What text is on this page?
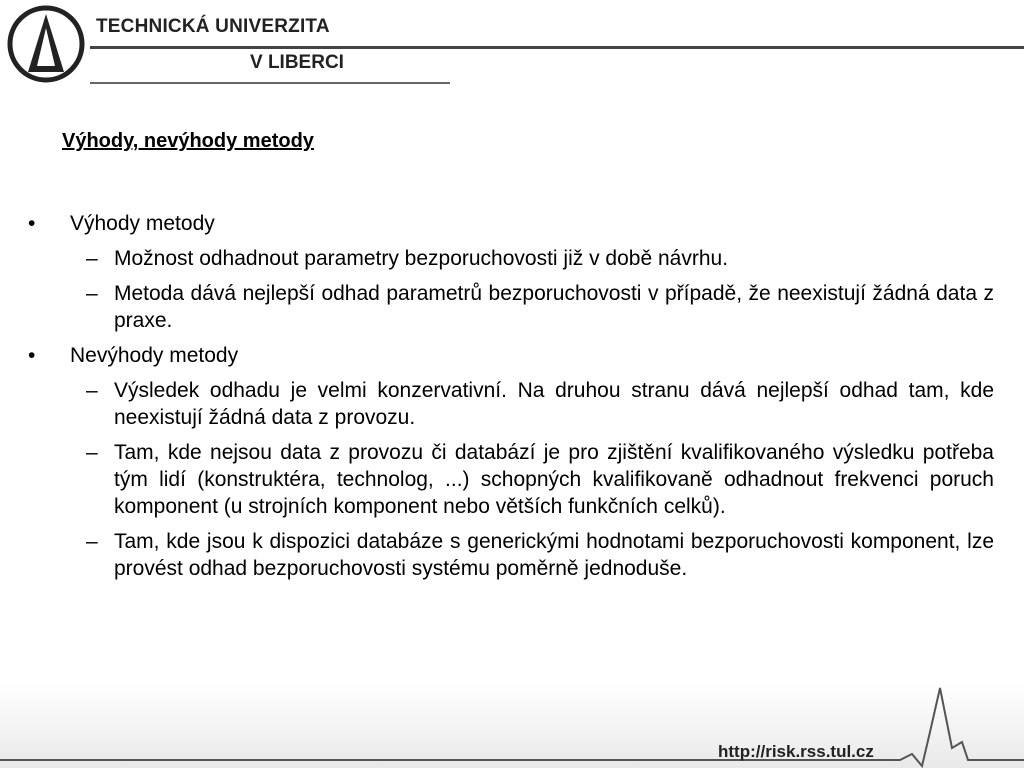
TECHNICKÁ UNIVERZITA
V LIBERCI
Výhody, nevýhody metody
• Výhody metody
– Možnost odhadnout parametry bezporuchovosti již v době návrhu.
– Metoda dává nejlepší odhad parametrů bezporuchovosti v případě, že neexistují žádná data z praxe.
• Nevýhody metody
– Výsledek odhadu je velmi konzervativní. Na druhou stranu dává nejlepší odhad tam, kde neexistují žádná data z provozu.
– Tam, kde nejsou data z provozu či databází je pro zjištění kvalifikovaného výsledku potřeba tým lidí (konstruktéra, technolog, ...) schopných kvalifikovaně odhadnout frekvenci poruch komponent (u strojních komponent nebo větších funkčních celků).
– Tam, kde jsou k dispozici databáze s generickými hodnotami bezporuchovosti komponent, lze provést odhad bezporuchovosti systému poměrně jednoduše.
http://risk.rss.tul.cz
